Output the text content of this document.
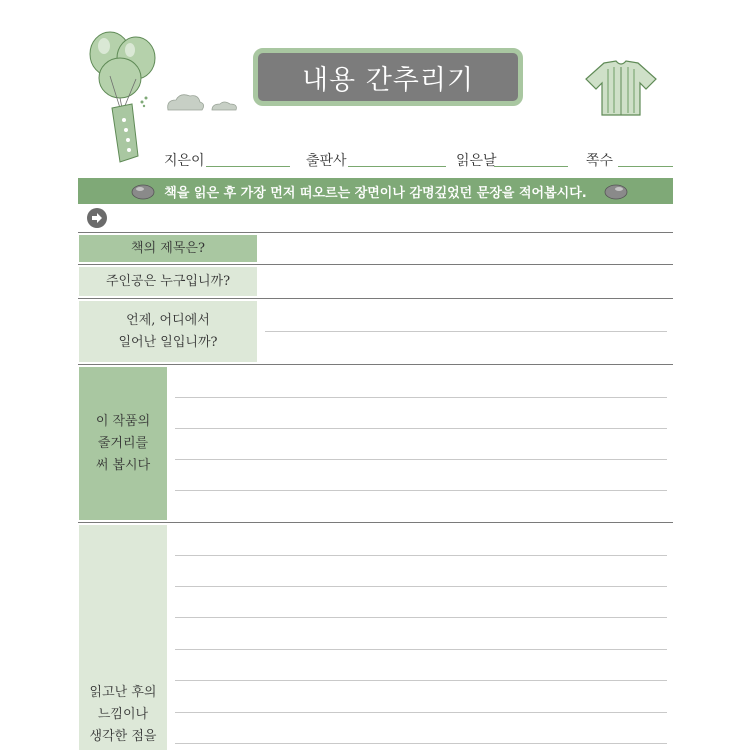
내용 간추리기
지은이	출판사	읽은날	쪽수
책을 읽은 후 가장 먼저 떠오르는 장면이나 감명깊었던 문장을 적어봅시다.
책의 제목은?
주인공은 누구입니까?
언제, 어디에서
일어난 일입니까?
이 작품의
줄거리를
써 봅시다
읽고난 후의
느낌이나
생각한 점을
